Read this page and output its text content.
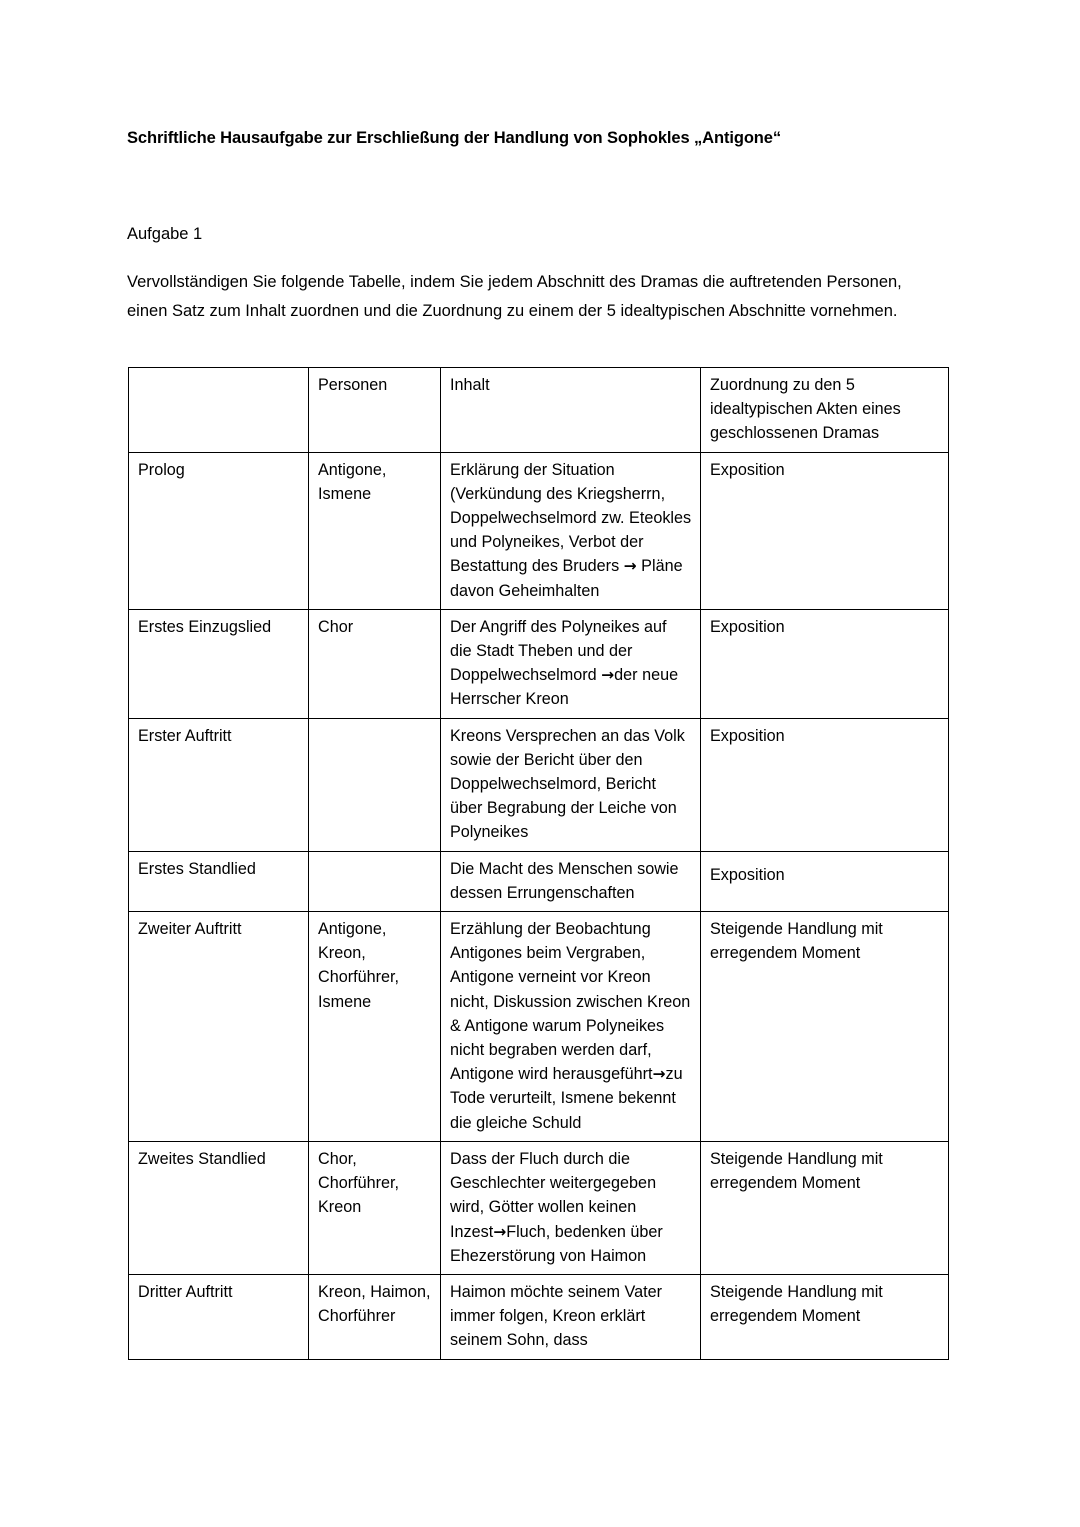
Schriftliche Hausaufgabe zur Erschließung der Handlung von Sophokles „Antigone“
Aufgabe 1
Vervollständigen Sie folgende Tabelle, indem Sie jedem Abschnitt des Dramas die auftretenden Personen, einen Satz zum Inhalt zuordnen und die Zuordnung zu einem der 5 idealtypischen Abschnitte vornehmen.
	Personen	Inhalt	Zuordnung zu den 5 idealtypischen Akten eines geschlossenen Dramas

Prolog	Antigone, Ismene	Erklärung der Situation (Verkündung des Kriegsherrn, Doppelwechselmord zw. Eteokles und Polyneikes, Verbot der Bestattung des Bruders → Pläne davon Geheimhalten	Exposition

Erstes Einzugslied	Chor	Der Angriff des Polyneikes auf die Stadt Theben und der Doppelwechselmord →der neue Herrscher Kreon	Exposition

Erster Auftritt		Kreons Versprechen an das Volk sowie der Bericht über den Doppelwechselmord, Bericht über Begrabung der Leiche von Polyneikes	Exposition

Erstes Standlied		Die Macht des Menschen sowie dessen Errungenschaften	Exposition

Zweiter Auftritt	Antigone, Kreon, Chorführer, Ismene	Erzählung der Beobachtung Antigones beim Vergraben, Antigone verneint vor Kreon nicht, Diskussion zwischen Kreon & Antigone warum Polyneikes nicht begraben werden darf, Antigone wird herausgeführt→zu Tode verurteilt, Ismene bekennt die gleiche Schuld	Steigende Handlung mit erregendem Moment

Zweites Standlied	Chor, Chorführer, Kreon	Dass der Fluch durch die Geschlechter weitergegeben wird, Götter wollen keinen Inzest→Fluch, bedenken über Ehezerstörung von Haimon	Steigende Handlung mit erregendem Moment

Dritter Auftritt	Kreon, Haimon, Chorführer	Haimon möchte seinem Vater immer folgen, Kreon erklärt seinem Sohn, dass	Steigende Handlung mit erregendem Moment
